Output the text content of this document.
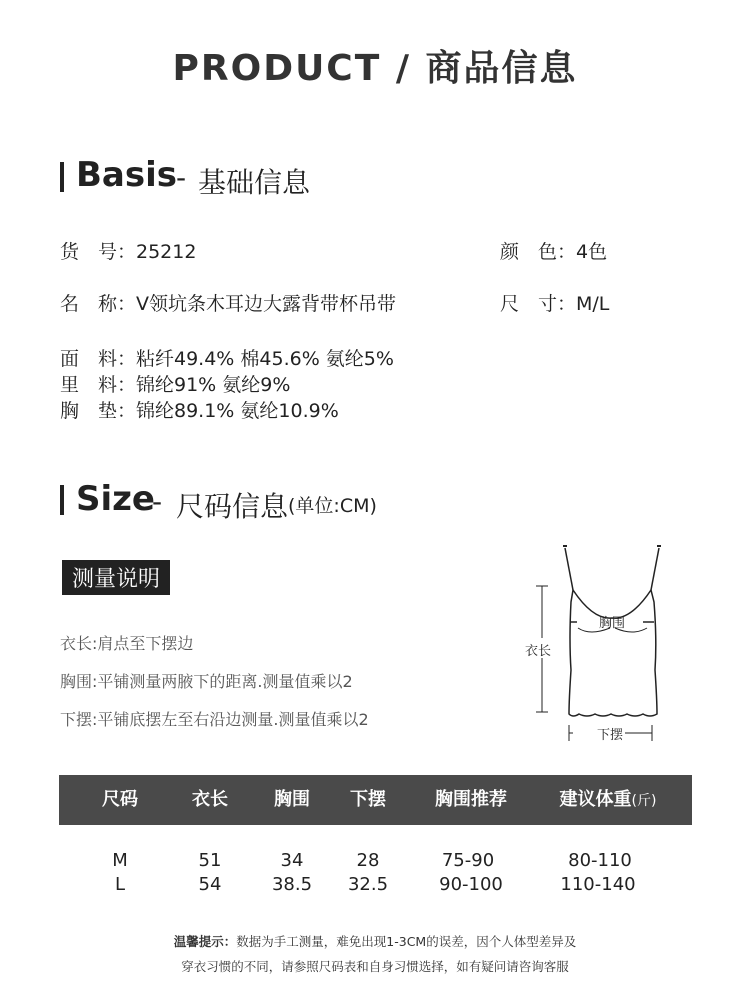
PRODUCT / 商品信息
Basis - 基础信息
货　号：25212
名　称：V领坑条木耳边大露背带杯吊带
面　料：粘纤49.4% 棉45.6% 氨纶5%
里　料：锦纶91% 氨纶9%
胸　垫：锦纶89.1% 氨纶10.9%
颜　色：4色
尺　寸：M/L
Size
- 尺码信息 (单位:CM)
测量说明
衣长:肩点至下摆边
胸围:平铺测量两腋下的距离.测量值乘以2
下摆:平铺底摆左至右沿边测量.测量值乘以2
胸围
衣长
下摆
尺码	衣长	胸围 下摆	胸围推荐	建议体重(斤)
M	51	34	28	75-90	80-110
L	54	38.5 32.5	90-100	110-140
温馨提示：数据为手工测量，难免出现1-3CM的误差，因个人体型差异及
穿衣习惯的不同，请参照尺码表和自身习惯选择，如有疑问请咨询客服
